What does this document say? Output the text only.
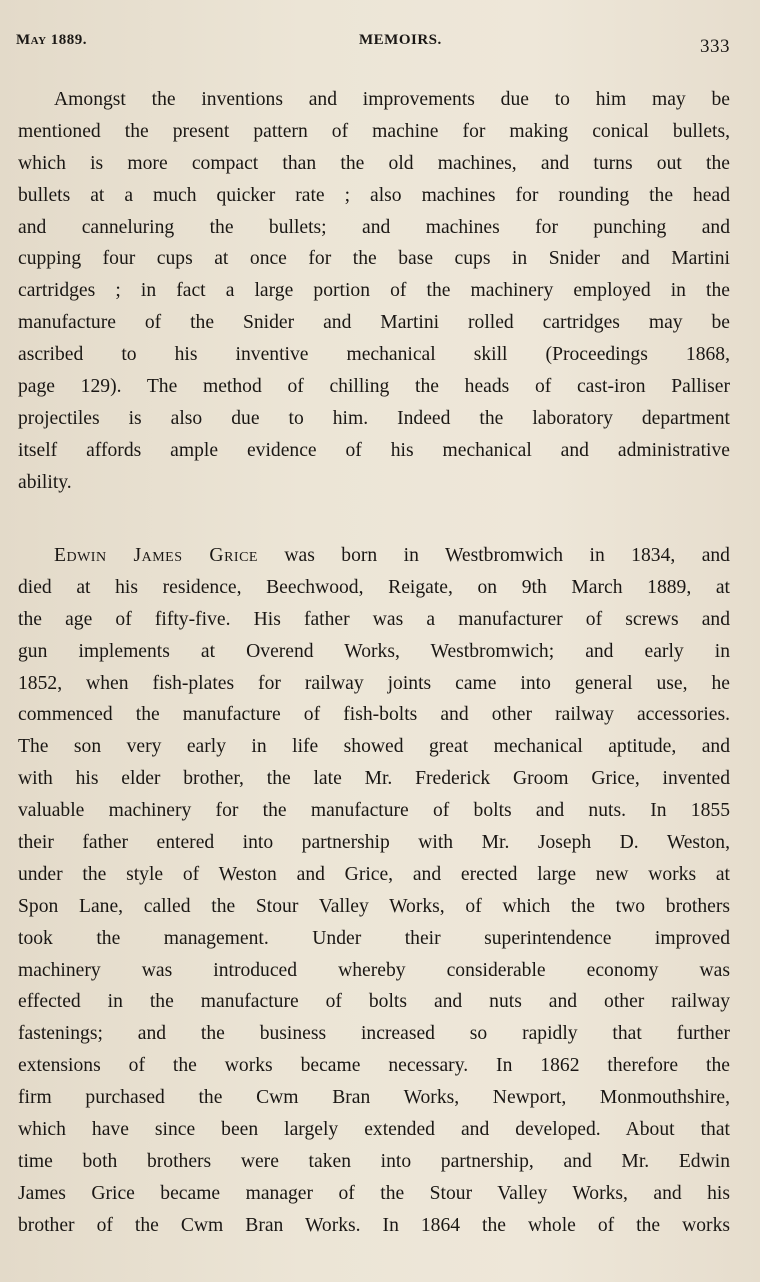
May 1889.	MEMOIRS.	333
Amongst the inventions and improvements due to him may be
mentioned the present pattern of machine for making conical bullets,
which is more compact than the old machines, and turns out the
bullets at a much quicker rate ; also machines for rounding the head
and canneluring the bullets; and machines for punching and
cupping four cups at once for the base cups in Snider and Martini
cartridges ; in fact a large portion of the machinery employed in the
manufacture of the Snider and Martini rolled cartridges may be
ascribed to his inventive mechanical skill (Proceedings 1868,
page 129). The method of chilling the heads of cast-iron Palliser
projectiles is also due to him. Indeed the laboratory department
itself affords ample evidence of his mechanical and administrative
ability.
Edwin James Grice was born in Westbromwich in 1834, and
died at his residence, Beechwood, Reigate, on 9th March 1889, at
the age of fifty-five. His father was a manufacturer of screws and
gun implements at Overend Works, Westbromwich; and early in
1852, when fish-plates for railway joints came into general use, he
commenced the manufacture of fish-bolts and other railway accessories.
The son very early in life showed great mechanical aptitude, and
with his elder brother, the late Mr. Frederick Groom Grice, invented
valuable machinery for the manufacture of bolts and nuts. In 1855
their father entered into partnership with Mr. Joseph D. Weston,
under the style of Weston and Grice, and erected large new works at
Spon Lane, called the Stour Valley Works, of which the two brothers
took the management. Under their superintendence improved
machinery was introduced whereby considerable economy was
effected in the manufacture of bolts and nuts and other railway
fastenings; and the business increased so rapidly that further
extensions of the works became necessary. In 1862 therefore the
firm purchased the Cwm Bran Works, Newport, Monmouthshire,
which have since been largely extended and developed. About that
time both brothers were taken into partnership, and Mr. Edwin
James Grice became manager of the Stour Valley Works, and his
brother of the Cwm Bran Works. In 1864 the whole of the works
